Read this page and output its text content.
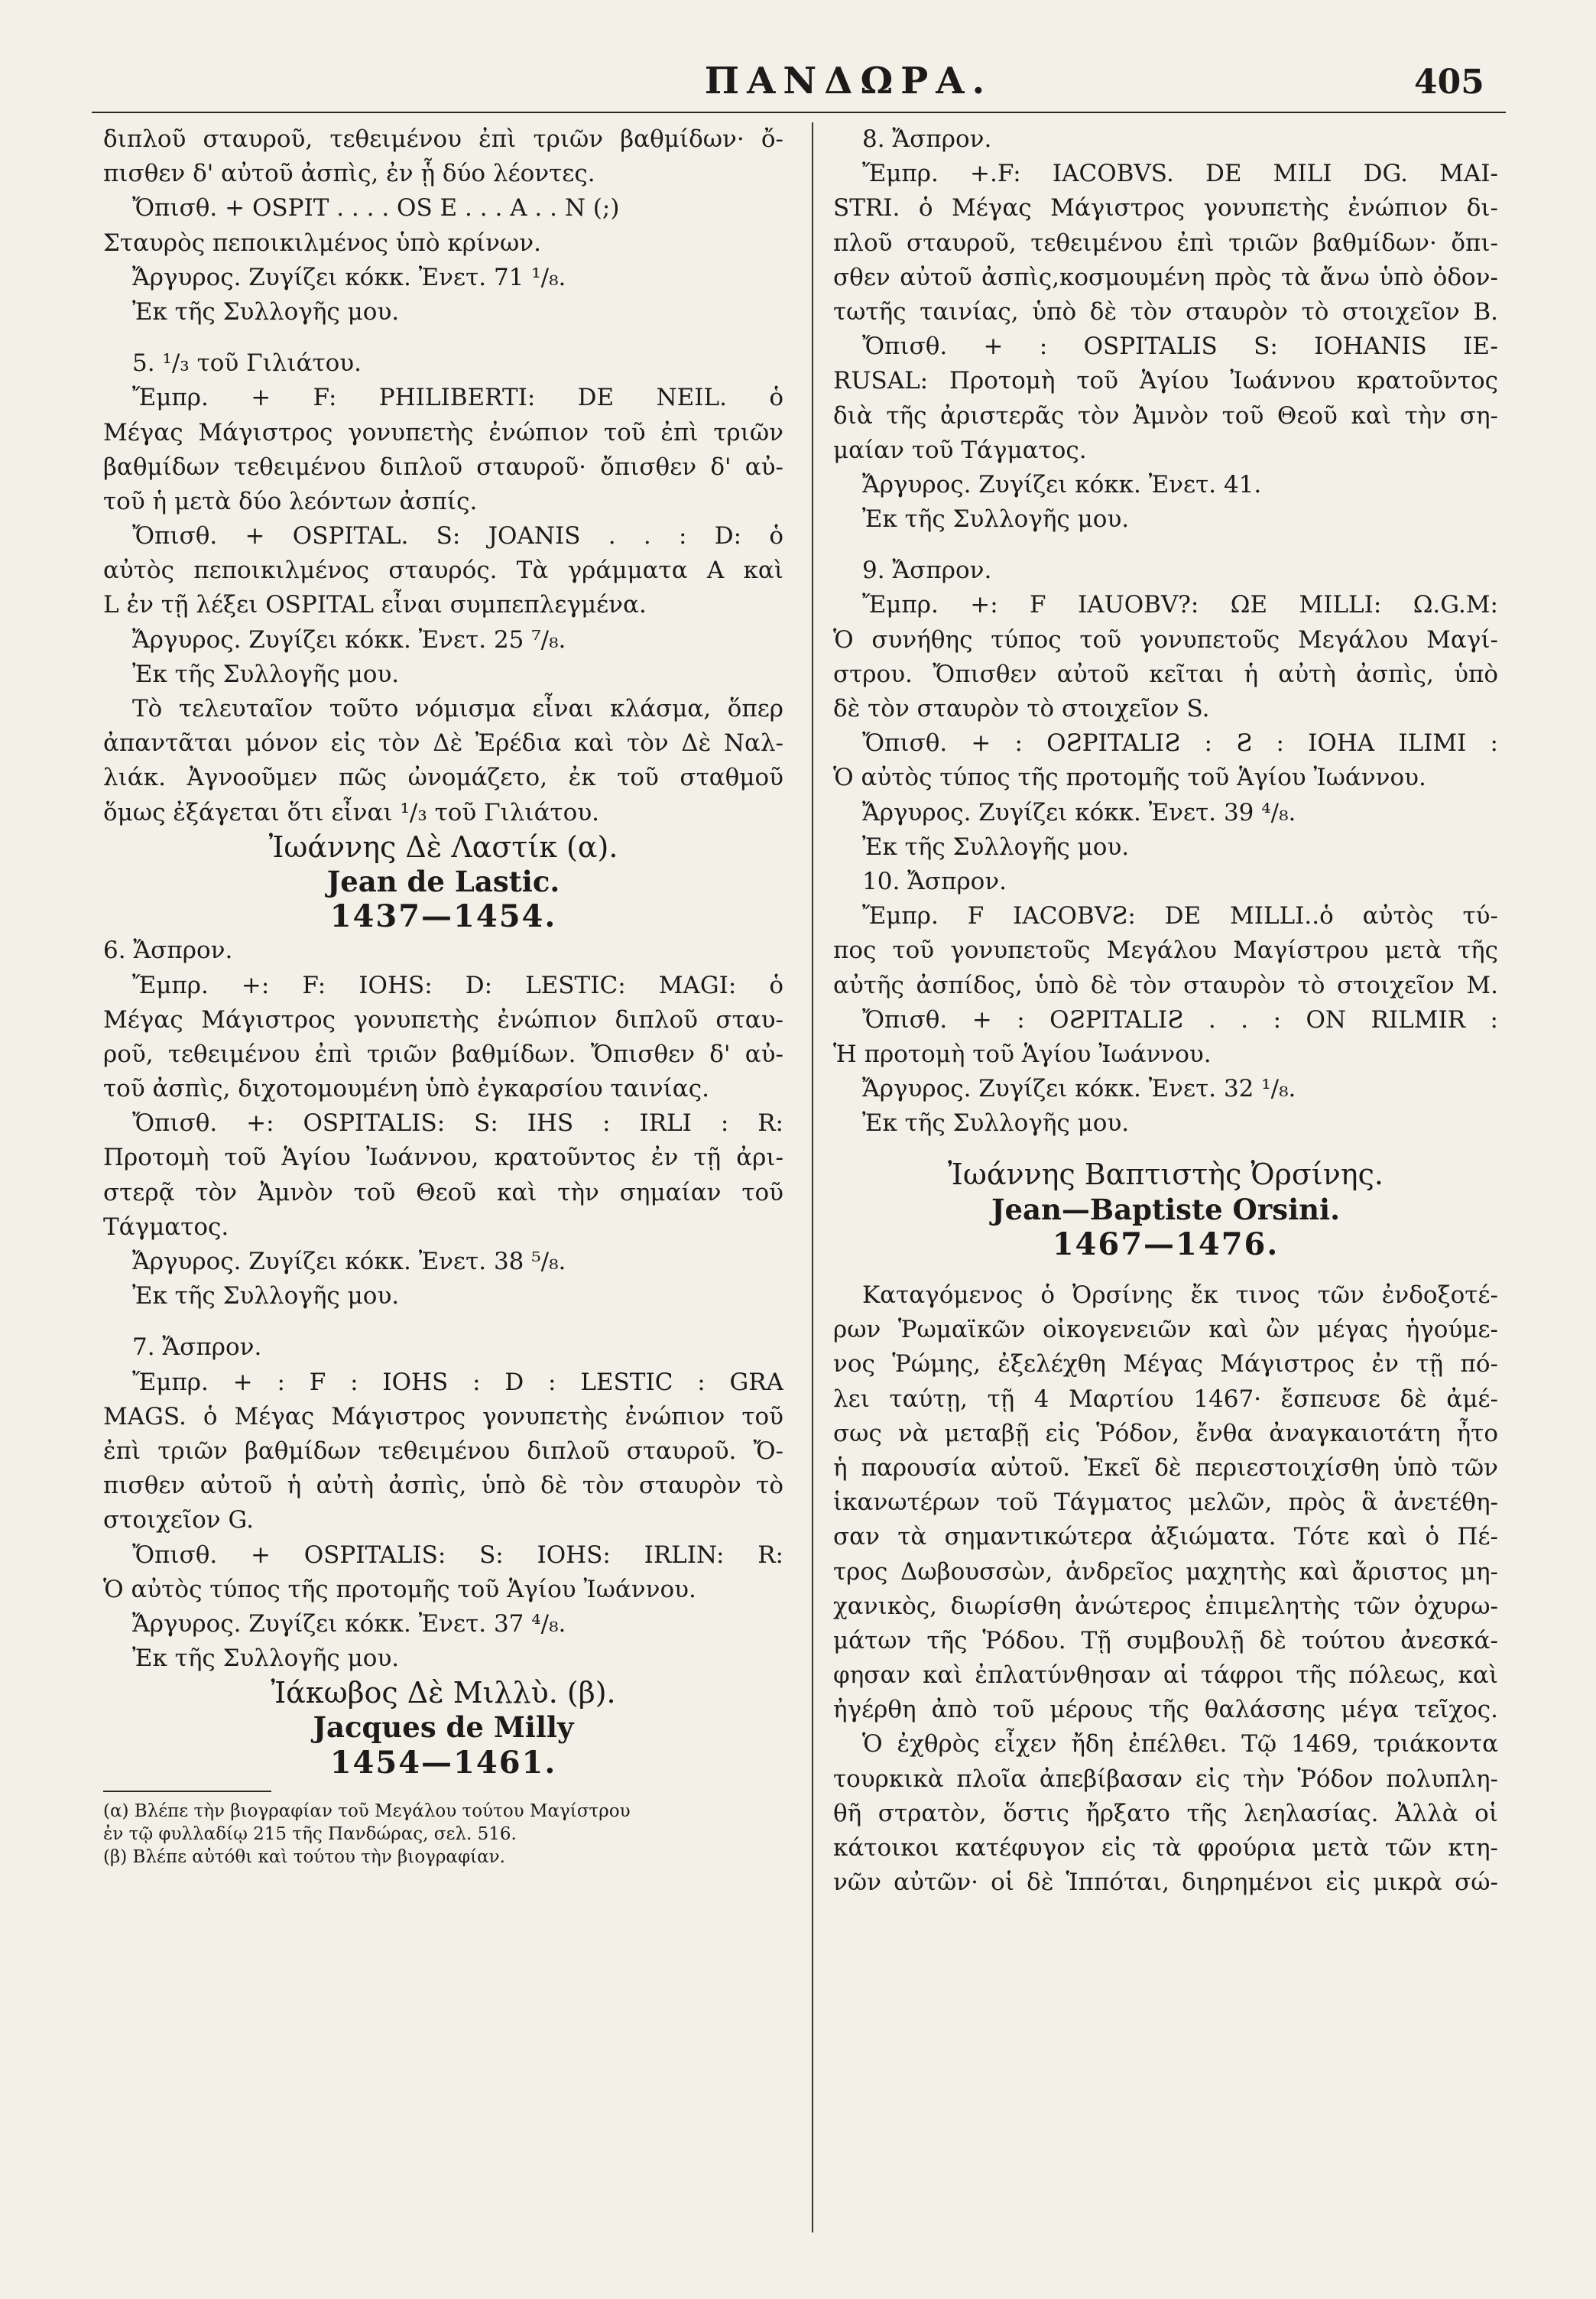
ΠΑΝΔΩΡΑ.	405
διπλοῦ σταυροῦ, τεθειμένου ἐπὶ τριῶν βαθμίδων· ὄ-
πισθεν δ' αὐτοῦ ἀσπὶς, ἐν ᾗ δύο λέοντες.
Ὄπισθ. + OSPIT . . . . OS E . . . A . . N (;)
Σταυρὸς πεποικιλμένος ὑπὸ κρίνων.
Ἄργυρος. Ζυγίζει κόκκ. Ἐνετ. 71 ¹/₈.
Ἐκ τῆς Συλλογῆς μου.
5. ¹/₃ τοῦ Γιλιάτου.
Ἔμπρ. + F: PHILIBERTI: DE NEIL. ὁ
Μέγας Μάγιστρος γονυπετὴς ἐνώπιον τοῦ ἐπὶ τριῶν
βαθμίδων τεθειμένου διπλοῦ σταυροῦ· ὄπισθεν δ' αὐ-
τοῦ ἡ μετὰ δύο λεόντων ἀσπίς.
Ὄπισθ. + OSPITAL. S: JOANIS . . : D: ὁ
αὐτὸς πεποικιλμένος σταυρός. Τὰ γράμματα Α καὶ
L ἐν τῇ λέξει OSPITAL εἶναι συμπεπλεγμένα.
Ἄργυρος. Ζυγίζει κόκκ. Ἐνετ. 25 ⁷/₈.
Ἐκ τῆς Συλλογῆς μου.
Τὸ τελευταῖον τοῦτο νόμισμα εἶναι κλάσμα, ὅπερ
ἀπαντᾶται μόνον εἰς τὸν Δὲ Ἐρέδια καὶ τὸν Δὲ Ναλ-
λιάκ. Ἀγνοοῦμεν πῶς ὠνομάζετο, ἐκ τοῦ σταθμοῦ
ὅμως ἐξάγεται ὅτι εἶναι ¹/₃ τοῦ Γιλιάτου.
Ἰωάννης Δὲ Λαστίκ (α).
Jean de Lastic.
1437—1454.
6. Ἄσπρον.
Ἔμπρ. +: F: IOHS: D: LESTIC: MAGI: ὁ
Μέγας Μάγιστρος γονυπετὴς ἐνώπιον διπλοῦ σταυ-
ροῦ, τεθειμένου ἐπὶ τριῶν βαθμίδων. Ὄπισθεν δ' αὐ-
τοῦ ἀσπὶς, διχοτομουμένη ὑπὸ ἐγκαρσίου ταινίας.
Ὄπισθ. +: OSPITALIS: S: IHS : IRLI : R:
Προτομὴ τοῦ Ἁγίου Ἰωάννου, κρατοῦντος ἐν τῇ ἀρι-
στερᾷ τὸν Ἀμνὸν τοῦ Θεοῦ καὶ τὴν σημαίαν τοῦ
Τάγματος.
Ἄργυρος. Ζυγίζει κόκκ. Ἐνετ. 38 ⁵/₈.
Ἐκ τῆς Συλλογῆς μου.
7. Ἄσπρον.
Ἔμπρ. + : F : IOHS : D : LESTIC : GRA
MAGS. ὁ Μέγας Μάγιστρος γονυπετὴς ἐνώπιον τοῦ
ἐπὶ τριῶν βαθμίδων τεθειμένου διπλοῦ σταυροῦ. Ὄ-
πισθεν αὐτοῦ ἡ αὐτὴ ἀσπὶς, ὑπὸ δὲ τὸν σταυρὸν τὸ
στοιχεῖον G.
Ὄπισθ. + OSPITALIS: S: IOHS: IRLIN: R:
Ὁ αὐτὸς τύπος τῆς προτομῆς τοῦ Ἁγίου Ἰωάννου.
Ἄργυρος. Ζυγίζει κόκκ. Ἐνετ. 37 ⁴/₈.
Ἐκ τῆς Συλλογῆς μου.
Ἰάκωβος Δὲ Μιλλὺ. (β).
Jacques de Milly
1454—1461.
(α) Βλέπε τὴν βιογραφίαν τοῦ Μεγάλου τούτου Μαγίστρου
ἐν τῷ φυλλαδίῳ 215 τῆς Πανδώρας, σελ. 516.
(β) Βλέπε αὐτόθι καὶ τούτου τὴν βιογραφίαν.
8. Ἄσπρον.
Ἔμπρ. +.F: IACOBVS. DE MILI DG. MAI-
STRI. ὁ Μέγας Μάγιστρος γονυπετὴς ἐνώπιον δι-
πλοῦ σταυροῦ, τεθειμένου ἐπὶ τριῶν βαθμίδων· ὄπι-
σθεν αὐτοῦ ἀσπὶς,κοσμουμένη πρὸς τὰ ἄνω ὑπὸ ὀδον-
τωτῆς ταινίας, ὑπὸ δὲ τὸν σταυρὸν τὸ στοιχεῖον Β.
Ὄπισθ. + : OSPITALIS S: IOHANIS IE-
RUSAL: Προτομὴ τοῦ Ἁγίου Ἰωάννου κρατοῦντος
διὰ τῆς ἀριστερᾶς τὸν Ἀμνὸν τοῦ Θεοῦ καὶ τὴν ση-
μαίαν τοῦ Τάγματος.
Ἄργυρος. Ζυγίζει κόκκ. Ἐνετ. 41.
Ἐκ τῆς Συλλογῆς μου.
9. Ἄσπρον.
Ἔμπρ. +: F IAUOBV?: ΩE MILLI: Ω.G.M:
Ὁ συνήθης τύπος τοῦ γονυπετοῦς Μεγάλου Μαγί-
στρου. Ὄπισθεν αὐτοῦ κεῖται ἡ αὐτὴ ἀσπὶς, ὑπὸ
δὲ τὸν σταυρὸν τὸ στοιχεῖον S.
Ὄπισθ. + : OƧPITALIƧ : Ƨ : IOHA ILIMI :
Ὁ αὐτὸς τύπος τῆς προτομῆς τοῦ Ἁγίου Ἰωάννου.
Ἄργυρος. Ζυγίζει κόκκ. Ἐνετ. 39 ⁴/₈.
Ἐκ τῆς Συλλογῆς μου.
10. Ἄσπρον.
Ἔμπρ. F IACOBVƧ: DE MILLI..ὁ αὐτὸς τύ-
πος τοῦ γονυπετοῦς Μεγάλου Μαγίστρου μετὰ τῆς
αὐτῆς ἀσπίδος, ὑπὸ δὲ τὸν σταυρὸν τὸ στοιχεῖον Μ.
Ὄπισθ. + : OƧPITALIƧ . . : ON RILMIR :
Ἡ προτομὴ τοῦ Ἁγίου Ἰωάννου.
Ἄργυρος. Ζυγίζει κόκκ. Ἐνετ. 32 ¹/₈.
Ἐκ τῆς Συλλογῆς μου.
Ἰωάννης Βαπτιστὴς Ὀρσίνης.
Jean—Baptiste Orsini.
1467—1476.
Καταγόμενος ὁ Ὀρσίνης ἔκ τινος τῶν ἐνδοξοτέ-
ρων Ῥωμαϊκῶν οἰκογενειῶν καὶ ὢν μέγας ἡγούμε-
νος Ῥώμης, ἐξελέχθη Μέγας Μάγιστρος ἐν τῇ πό-
λει ταύτῃ, τῇ 4 Μαρτίου 1467· ἔσπευσε δὲ ἀμέ-
σως νὰ μεταβῇ εἰς Ῥόδον, ἔνθα ἀναγκαιοτάτη ἦτο
ἡ παρουσία αὐτοῦ. Ἐκεῖ δὲ περιεστοιχίσθη ὑπὸ τῶν
ἱκανωτέρων τοῦ Τάγματος μελῶν, πρὸς ἃ ἀνετέθη-
σαν τὰ σημαντικώτερα ἀξιώματα. Τότε καὶ ὁ Πέ-
τρος Δωβουσσὼν, ἀνδρεῖος μαχητὴς καὶ ἄριστος μη-
χανικὸς, διωρίσθη ἀνώτερος ἐπιμελητὴς τῶν ὀχυρω-
μάτων τῆς Ῥόδου. Τῇ συμβουλῇ δὲ τούτου ἀνεσκά-
φησαν καὶ ἐπλατύνθησαν αἱ τάφροι τῆς πόλεως, καὶ
ἠγέρθη ἀπὸ τοῦ μέρους τῆς θαλάσσης μέγα τεῖχος.
Ὁ ἐχθρὸς εἶχεν ἤδη ἐπέλθει. Τῷ 1469, τριάκοντα
τουρκικὰ πλοῖα ἀπεβίβασαν εἰς τὴν Ῥόδον πολυπλη-
θῆ στρατὸν, ὅστις ἤρξατο τῆς λεηλασίας. Ἀλλὰ οἱ
κάτοικοι κατέφυγον εἰς τὰ φρούρια μετὰ τῶν κτη-
νῶν αὐτῶν· οἱ δὲ Ἱππόται, διηρημένοι εἰς μικρὰ σώ-
